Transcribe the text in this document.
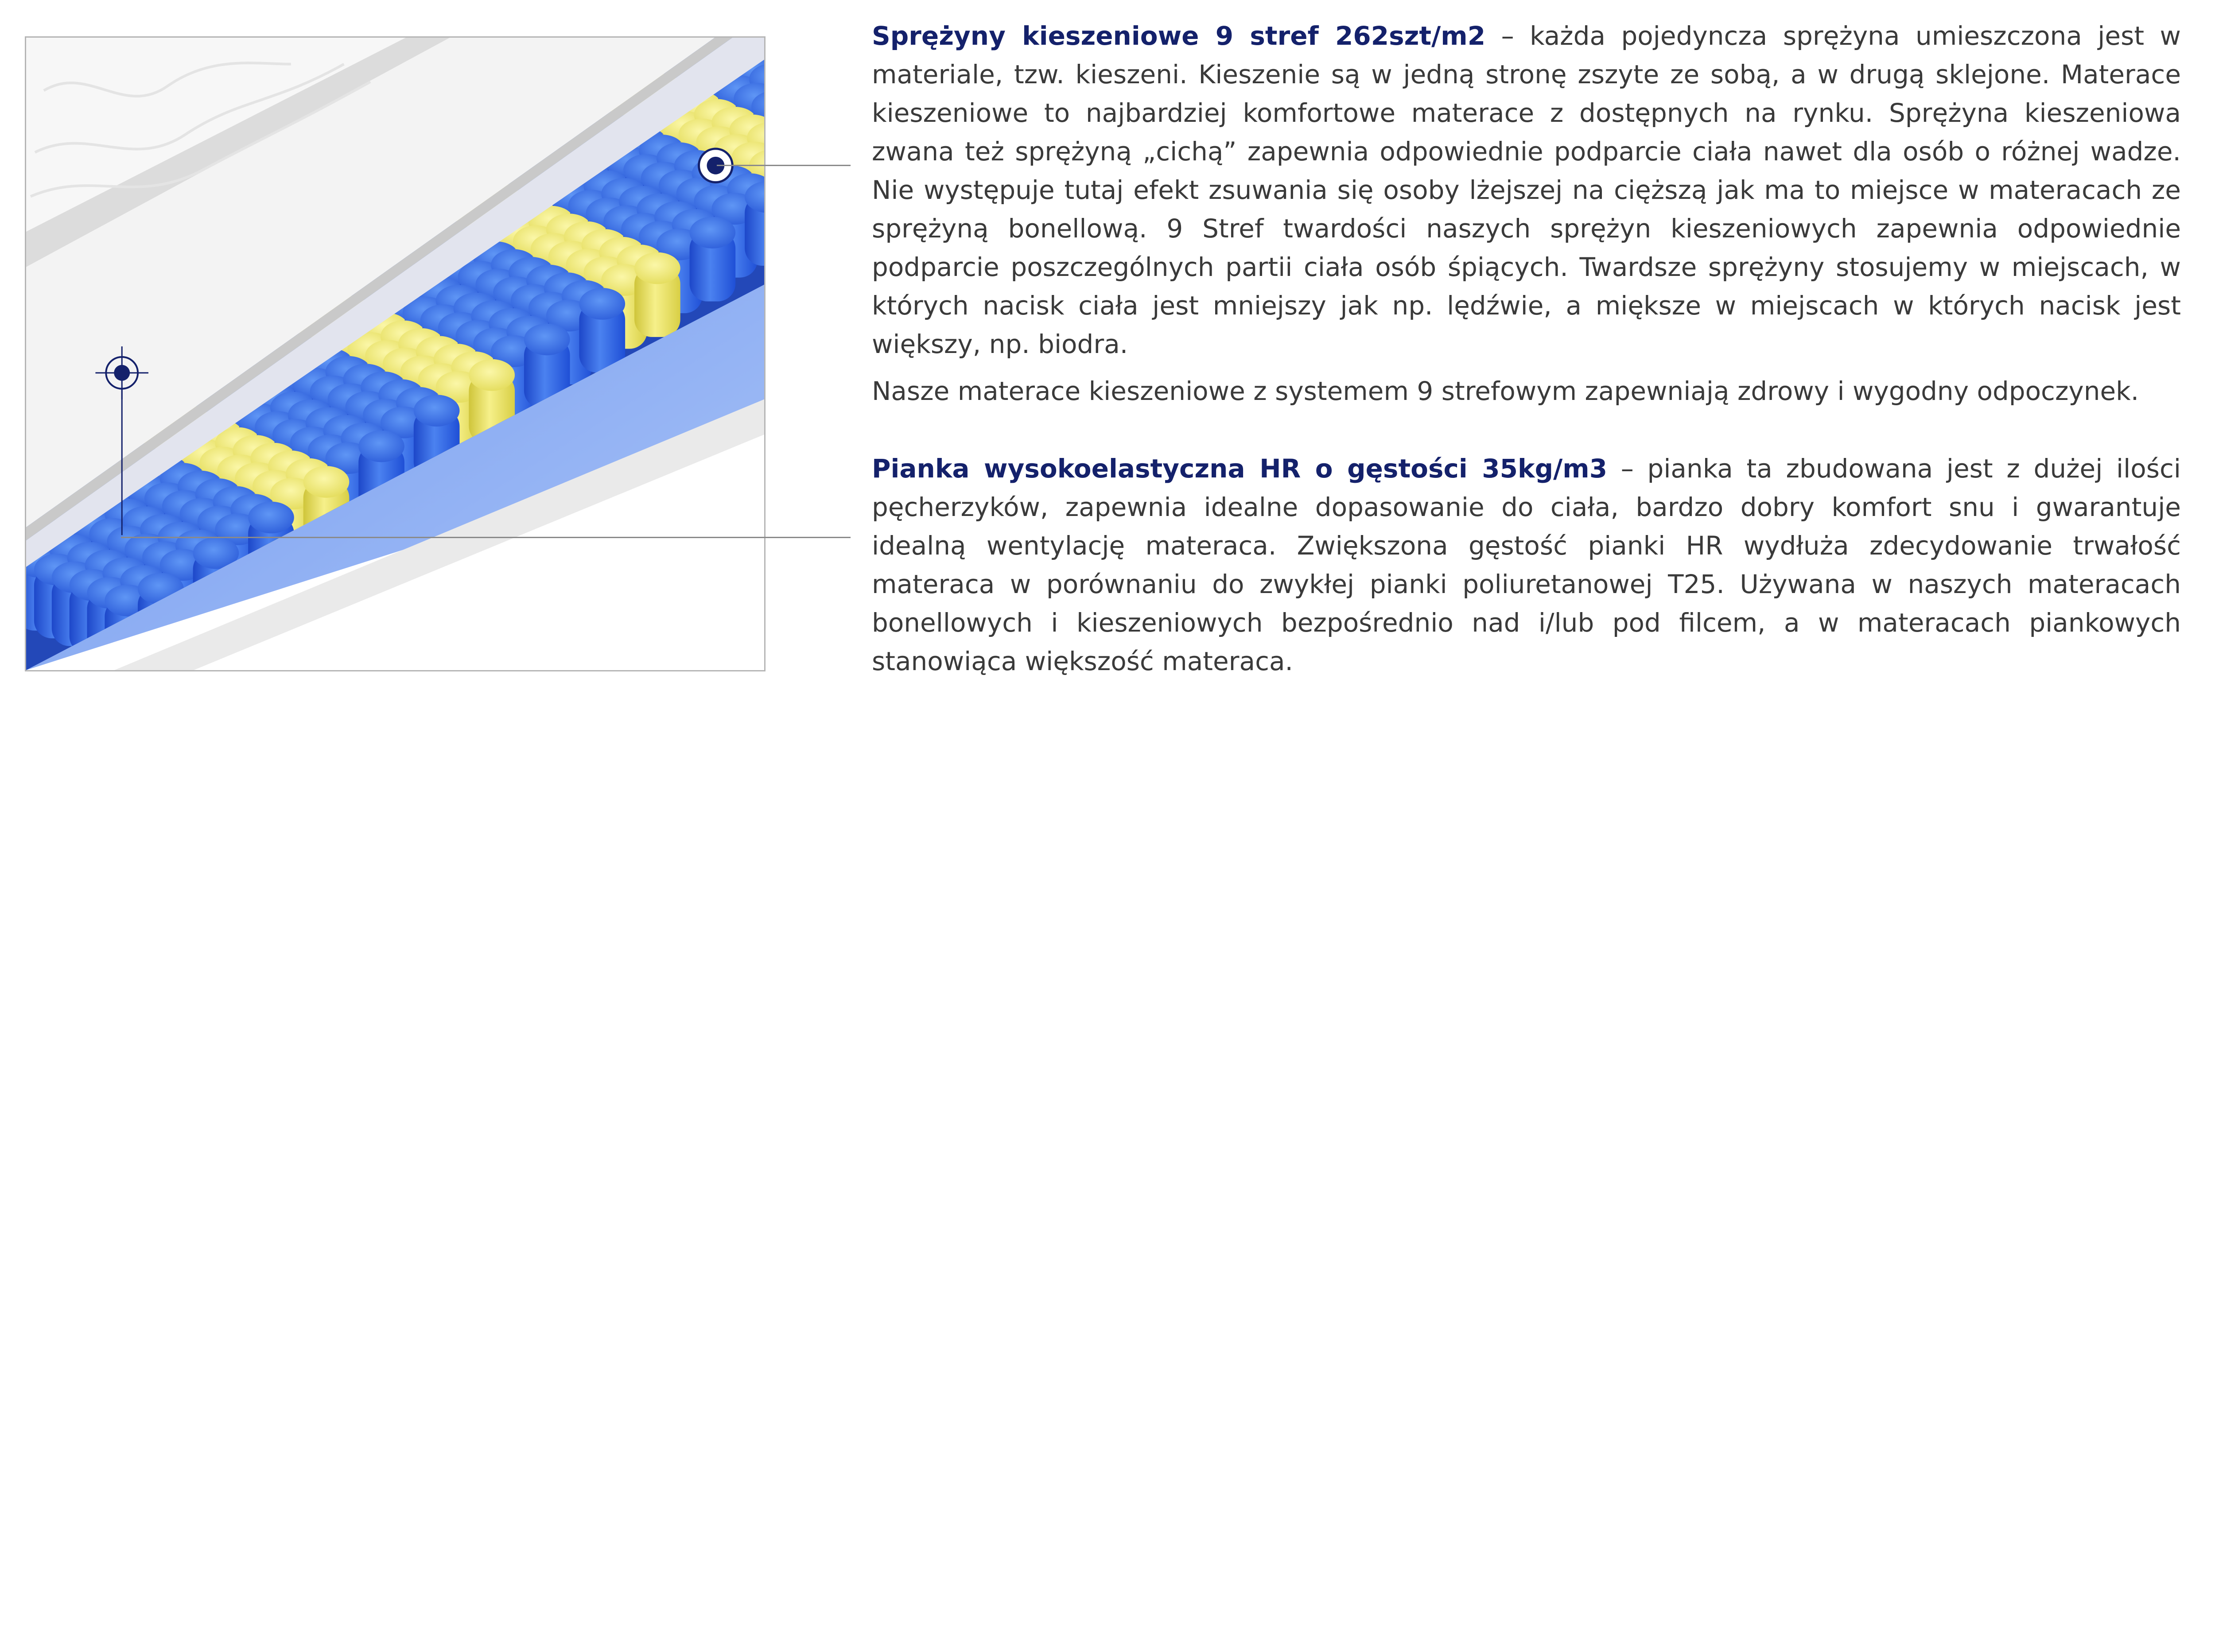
Sprężyny kieszeniowe 9 stref 262szt/m2 – każda pojedyncza sprężyna umieszczona jest w materiale, tzw. kieszeni. Kieszenie są w jedną stronę zszyte ze sobą, a w drugą sklejone. Materace kieszeniowe to najbardziej komfortowe materace z dostępnych na rynku. Sprężyna kieszeniowa zwana też sprężyną „cichą” zapewnia odpowiednie podparcie ciała nawet dla osób o różnej wadze. Nie występuje tutaj efekt zsuwania się osoby lżejszej na cięższą jak ma to miejsce w materacach ze sprężyną bonellową. 9 Stref twardości naszych sprężyn kieszeniowych zapewnia odpowiednie podparcie poszczególnych partii ciała osób śpiących. Twardsze sprężyny stosujemy w miejscach, w których nacisk ciała jest mniejszy jak np. lędźwie, a miększe w miejscach w których nacisk jest większy, np. biodra.

Nasze materace kieszeniowe z systemem 9 strefowym zapewniają zdrowy i wygodny odpoczynek.

Pianka wysokoelastyczna HR o gęstości 35kg/m3 – pianka ta zbudowana jest z dużej ilości pęcherzyków, zapewnia idealne dopasowanie do ciała, bardzo dobry komfort snu i gwarantuje idealną wentylację materaca. Zwiększona gęstość pianki HR wydłuża zdecydowanie trwałość materaca w porównaniu do zwykłej pianki poliuretanowej T25. Używana w naszych materacach bonellowych i kieszeniowych bezpośrednio nad i/lub pod filcem, a w materacach piankowych stanowiąca większość materaca.
